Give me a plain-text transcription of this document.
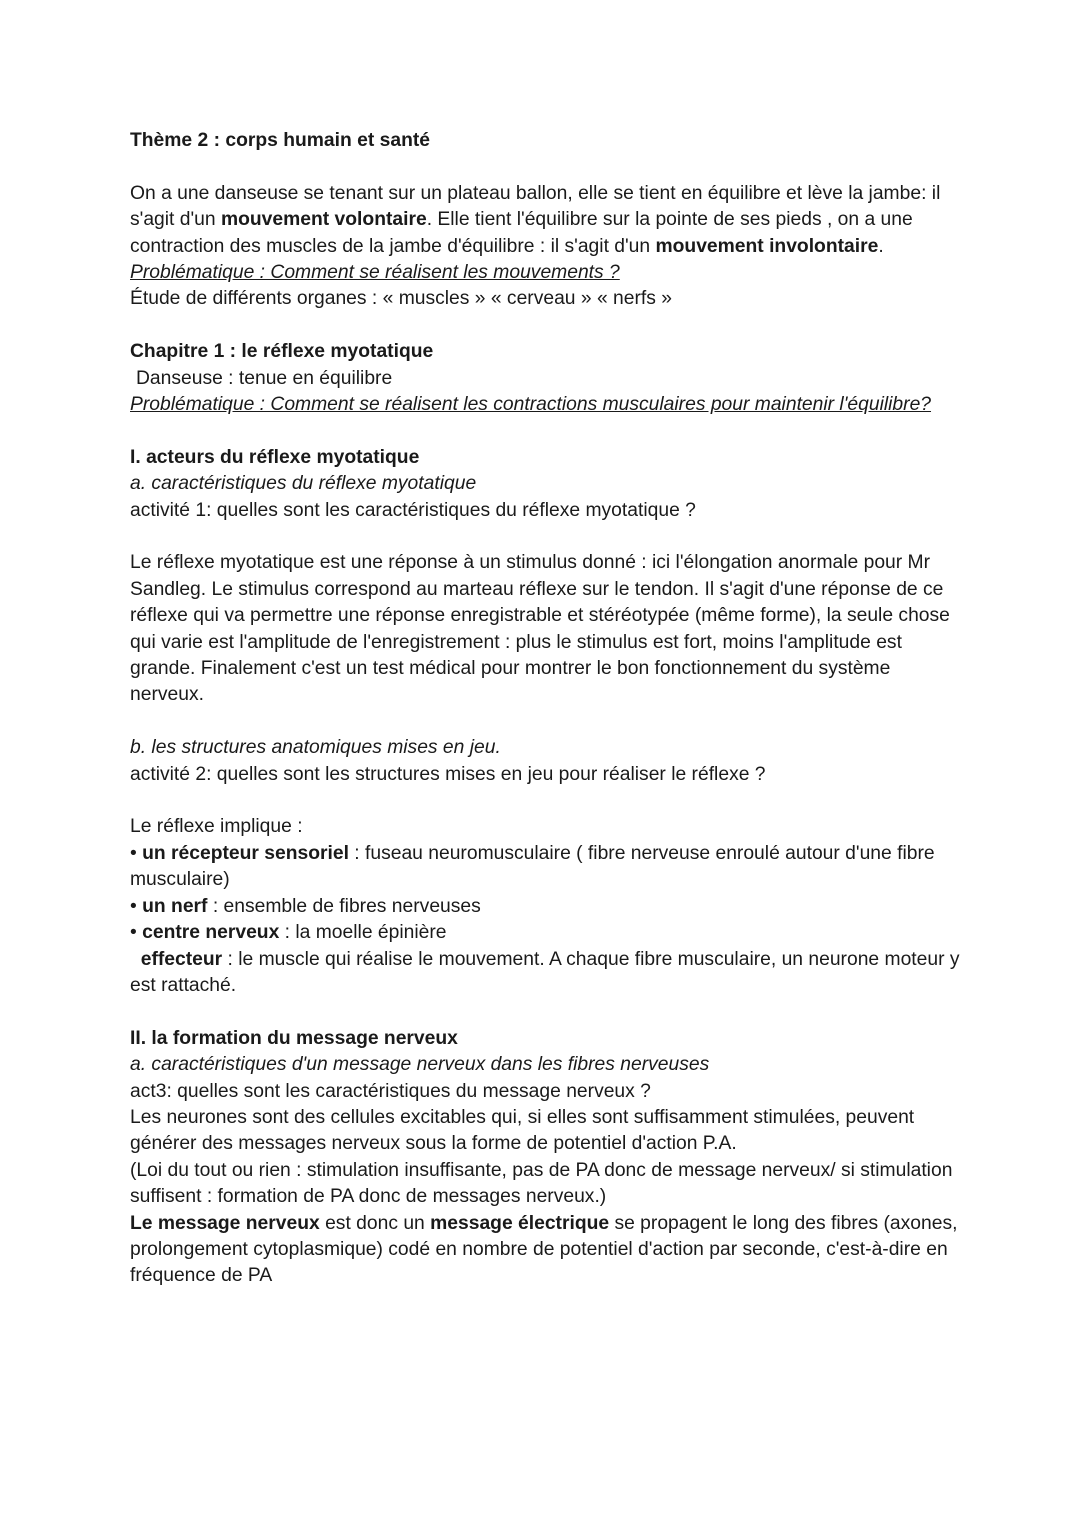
Thème 2 : corps humain et santé

On a une danseuse se tenant sur un plateau ballon, elle se tient en équilibre et lève la jambe: il s'agit d'un mouvement volontaire. Elle tient l'équilibre sur la pointe de ses pieds , on a une contraction des muscles de la jambe d'équilibre : il s'agit d'un mouvement involontaire.

Problématique : Comment se réalisent les mouvements ?

Étude de différents organes : « muscles » « cerveau » « nerfs »

Chapitre 1 : le réflexe myotatique

Danseuse : tenue en équilibre

Problématique : Comment se réalisent les contractions musculaires pour maintenir l'équilibre?

I. acteurs du réflexe myotatique

a. caractéristiques du réflexe myotatique

activité 1: quelles sont les caractéristiques du réflexe myotatique ?

Le réflexe myotatique est une réponse à un stimulus donné : ici l'élongation anormale pour Mr Sandleg. Le stimulus correspond au marteau réflexe sur le tendon. Il s'agit d'une réponse de ce réflexe qui va permettre une réponse enregistrable et stéréotypée (même forme), la seule chose qui varie est l'amplitude de l'enregistrement : plus le stimulus est fort, moins l'amplitude est grande. Finalement c'est un test médical pour montrer le bon fonctionnement du système nerveux.

b. les structures anatomiques mises en jeu.

activité 2: quelles sont les structures mises en jeu pour réaliser le réflexe ?

Le réflexe implique :

• un récepteur sensoriel : fuseau neuromusculaire ( fibre nerveuse enroulé autour d'une fibre musculaire)

• un nerf : ensemble de fibres nerveuses

• centre nerveux : la moelle épinière

effecteur : le muscle qui réalise le mouvement. A chaque fibre musculaire, un neurone moteur y est rattaché.

II. la formation du message nerveux

a. caractéristiques d'un message nerveux dans les fibres nerveuses

act3: quelles sont les caractéristiques du message nerveux ?

Les neurones sont des cellules excitables qui, si elles sont suffisamment stimulées, peuvent générer des messages nerveux sous la forme de potentiel d'action P.A.

(Loi du tout ou rien : stimulation insuffisante, pas de PA donc de message nerveux/ si stimulation suffisent : formation de PA donc de messages nerveux.)

Le message nerveux est donc un message électrique se propagent le long des fibres (axones, prolongement cytoplasmique) codé en nombre de potentiel d'action par seconde, c'est-à-dire en fréquence de PA
